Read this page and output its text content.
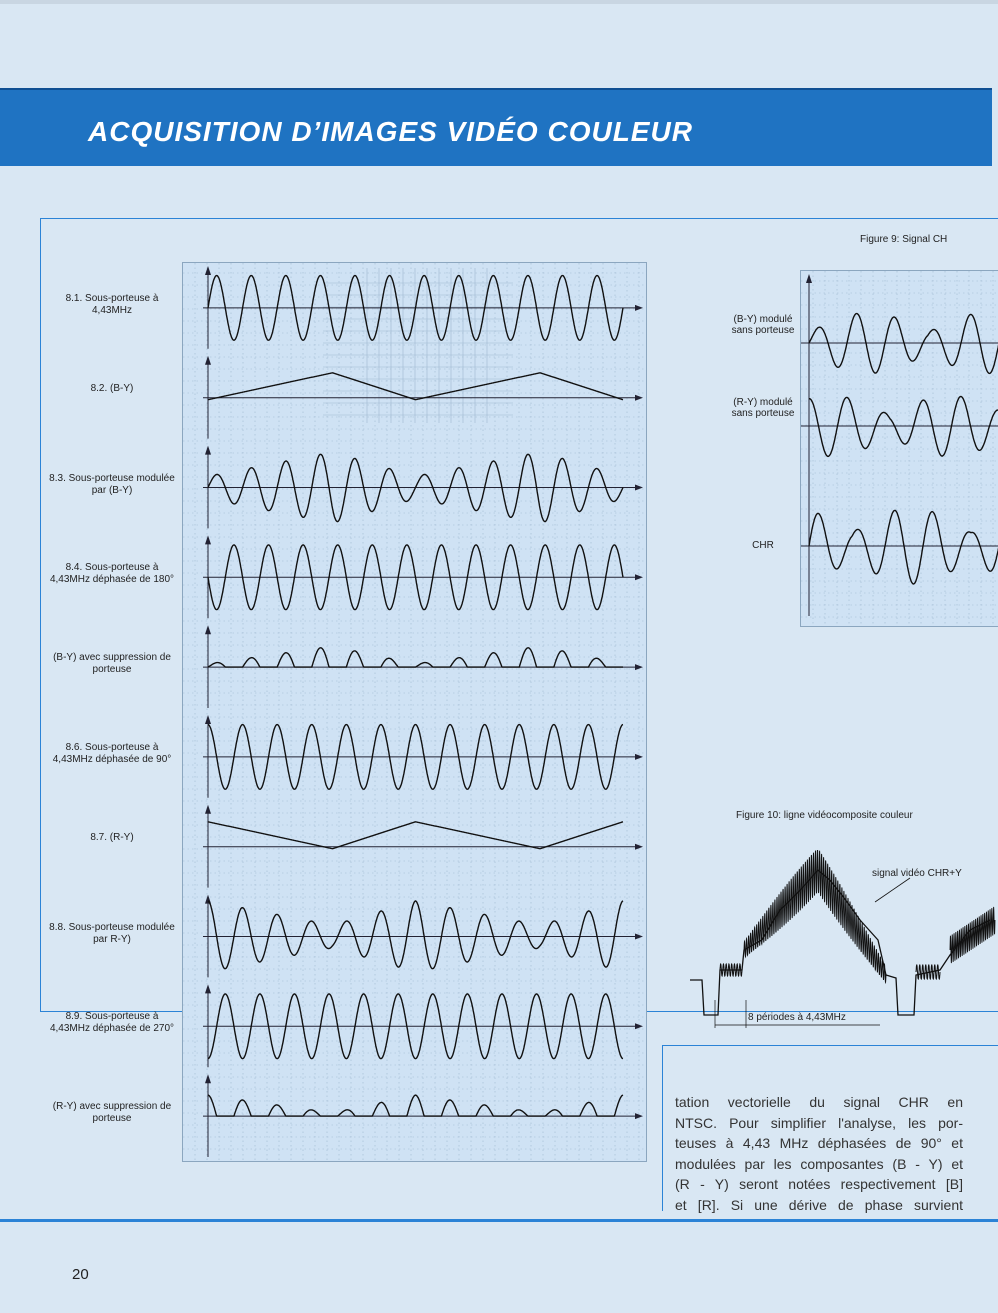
ACQUISITION D’IMAGES VIDÉO COULEUR
8.1. Sous-porteuse à 4,43MHz
8.2. (B-Y)
8.3. Sous-porteuse modulée par (B-Y)
8.4. Sous-porteuse à 4,43MHz déphasée de 180°
(B-Y) avec suppression de porteuse
8.6. Sous-porteuse à 4,43MHz déphasée de 90°
8.7. (R-Y)
8.8. Sous-porteuse modulée par R-Y)
8.9. Sous-porteuse à 4,43MHz déphasée de 270°
(R-Y) avec suppression de porteuse
Figure 9: Signal CH
(B-Y) modulé sans porteuse
(R-Y) modulé sans porteuse
CHR
Figure 10: ligne vidéocomposite couleur
signal vidéo CHR+Y
8 périodes à 4,43MHz
tation vectorielle du signal CHR en
NTSC. Pour simplifier l'analyse, les por-
teuses à 4,43 MHz déphasées de 90° et
modulées par les composantes (B - Y) et
(R - Y) seront notées respectivement [B]
et [R]. Si une dérive de phase survient
20
